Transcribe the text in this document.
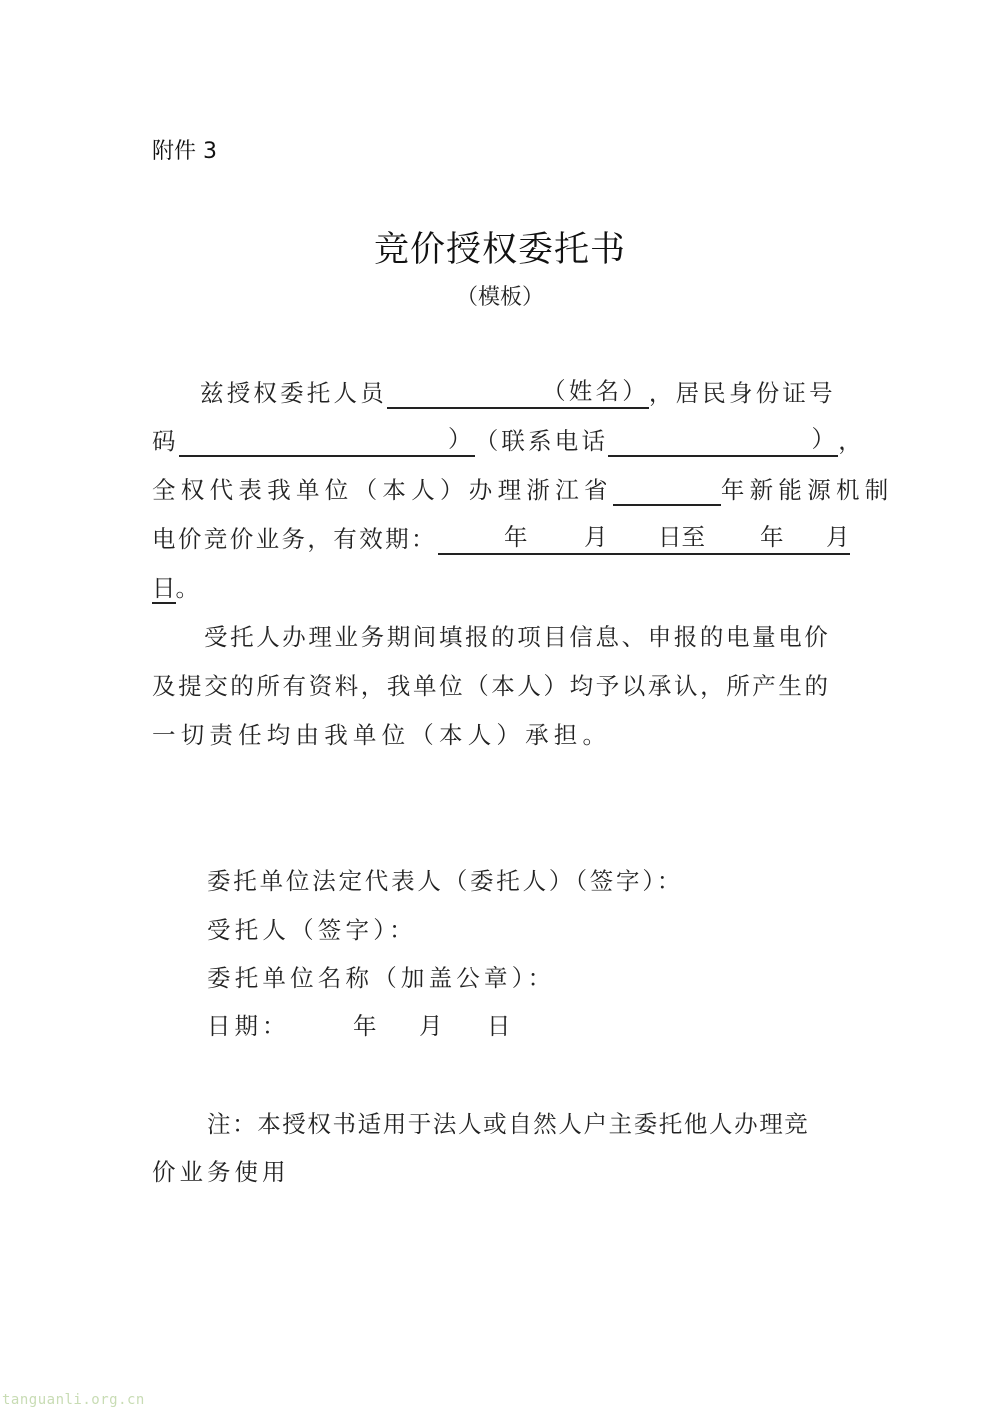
附件 3
竞价授权委托书
（模板）
兹授权委托人员	（姓名） ，居民身份证号
码	） （联系电话	） ，
全权代表我单位（本人）办理浙江省	年新能源机制
电价竞价业务，有效期：	年 月 日至 年 月
日。
受托人办理业务期间填报的项目信息、申报的电量电价
及提交的所有资料，我单位（本人）均予以承认，所产生的
一切责任均由我单位（本人）承担。
委托单位法定代表人（委托人）（签字）：
受托人（签字）：
委托单位名称（加盖公章）：
日期：	年 月 日
注：本授权书适用于法人或自然人户主委托他人办理竞
价业务使用
tanguanli.org.cn
